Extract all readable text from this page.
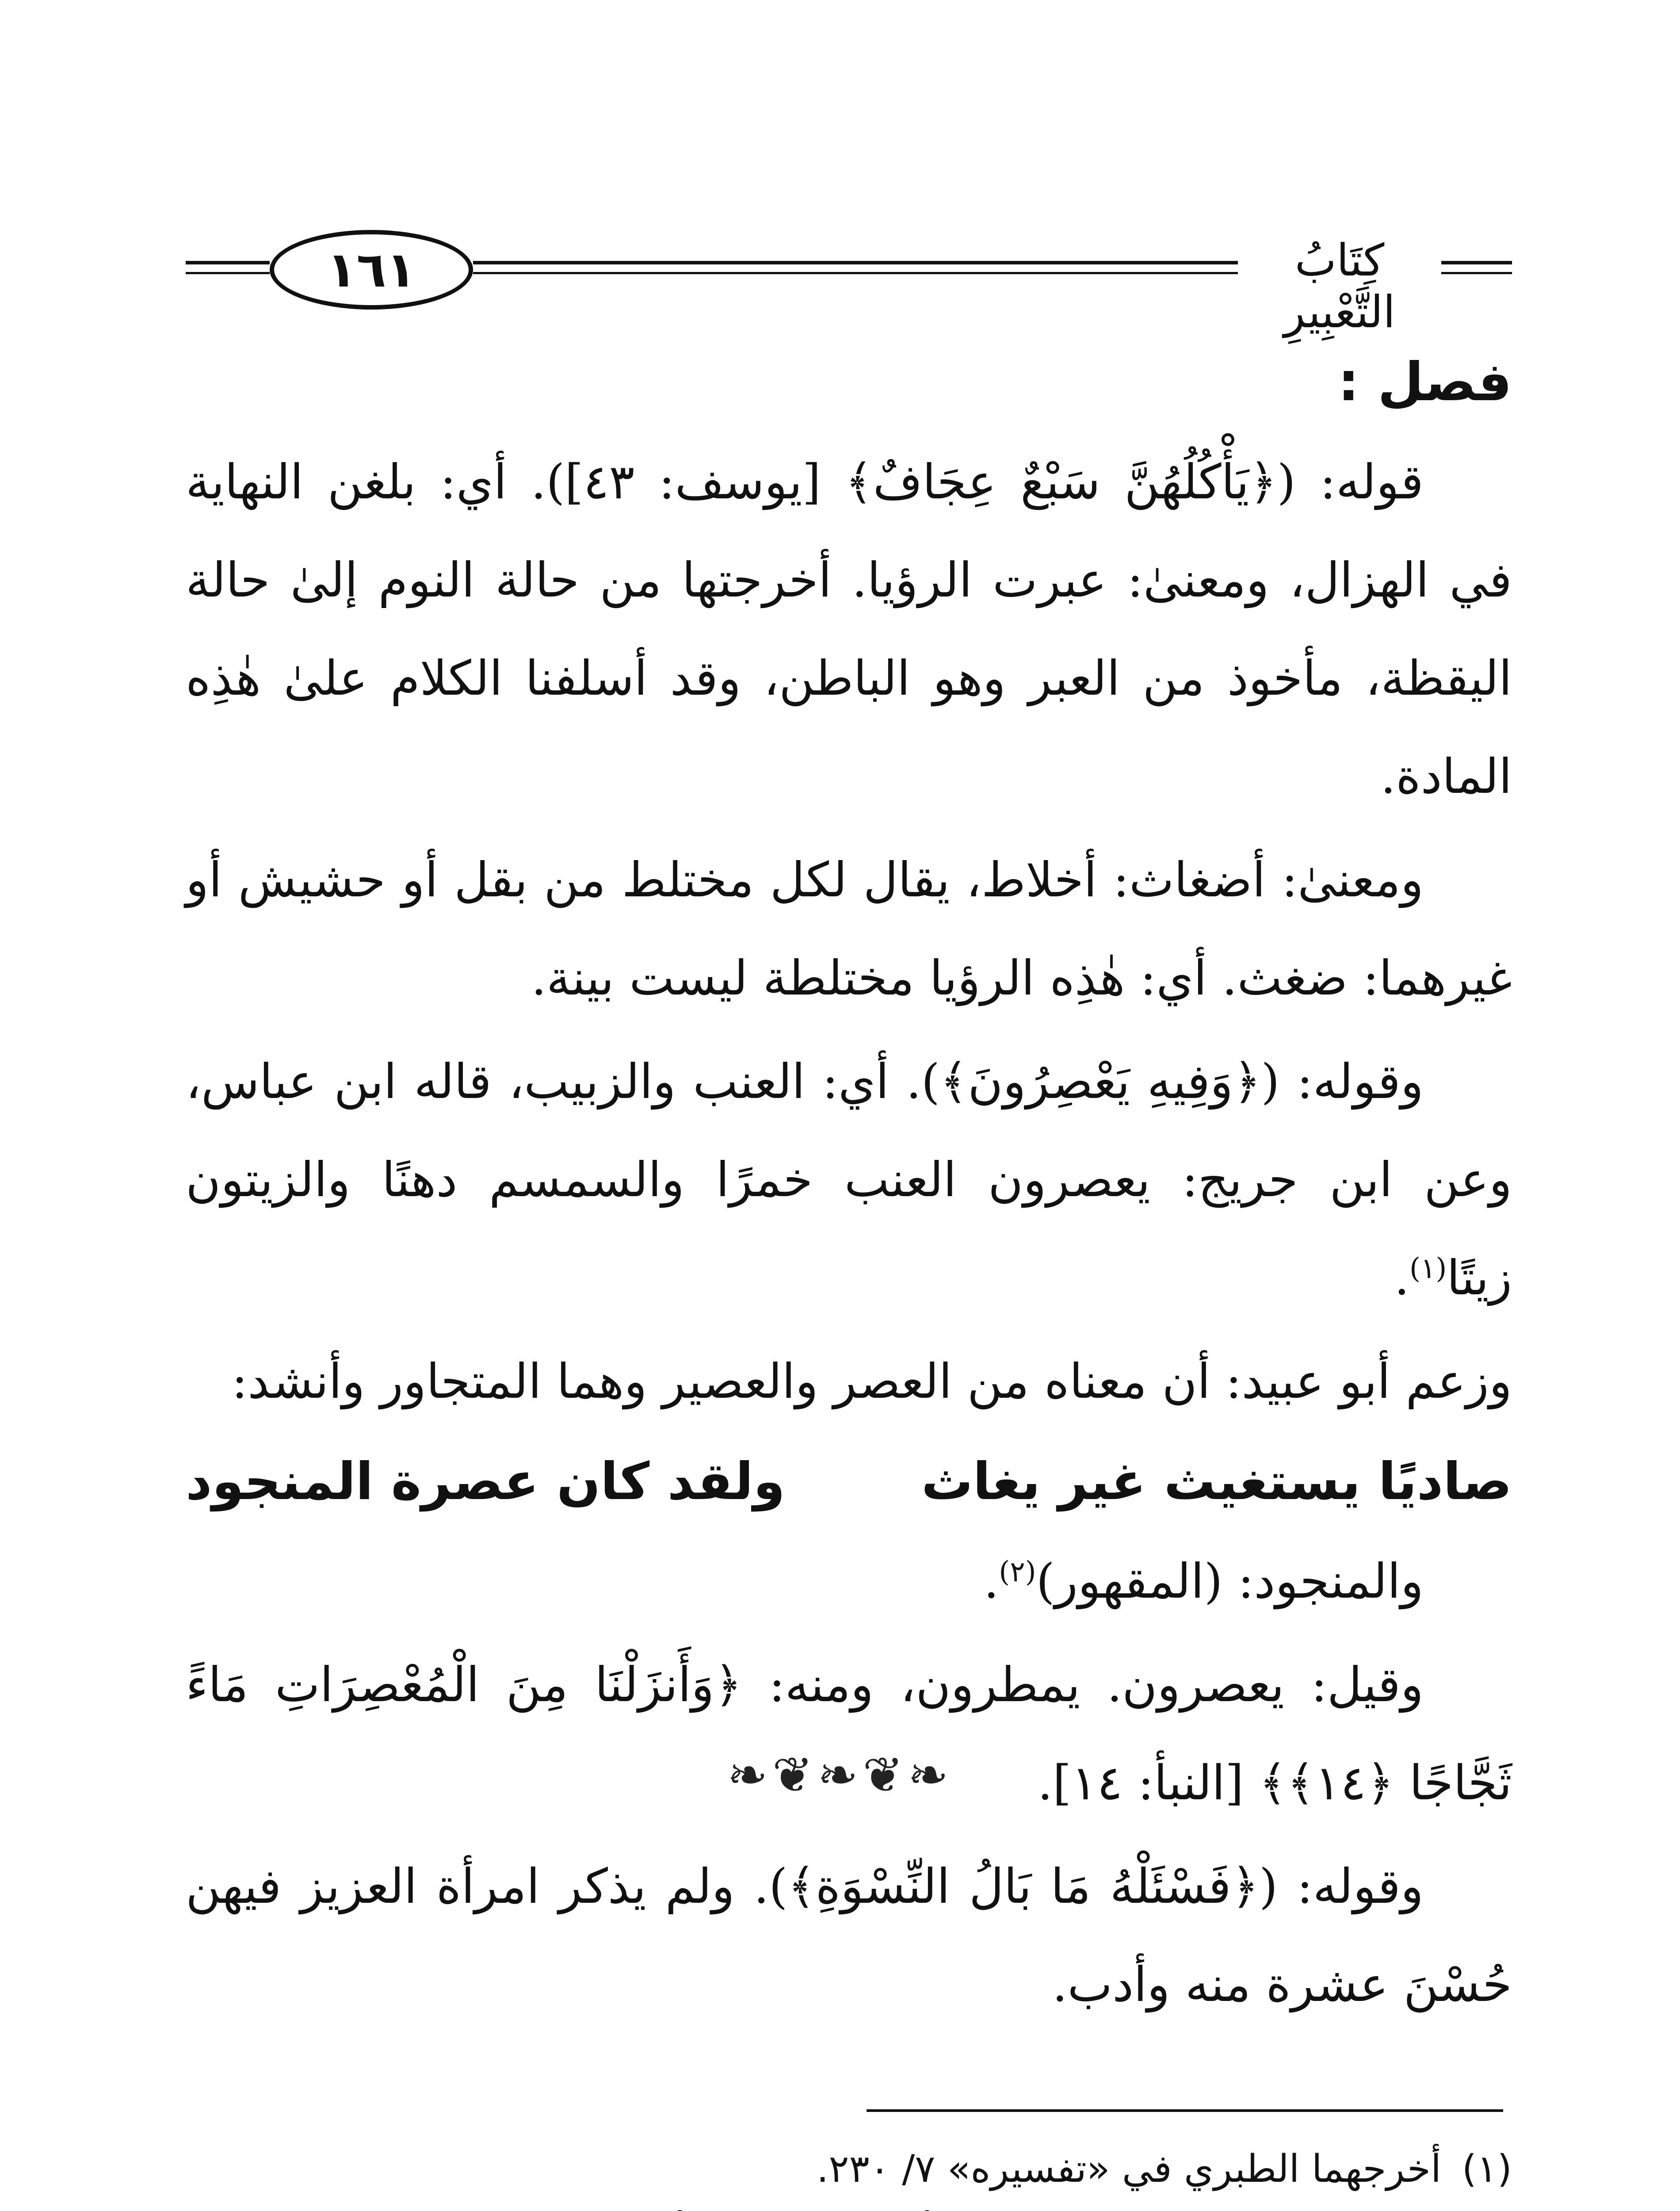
١٦١	كِتَابُ التَّعْبِيرِ
فصل :

قوله: (﴿يَأْكُلُهُنَّ سَبْعٌ عِجَافٌ﴾ [يوسف: ٤٣]). أي: بلغن النهاية في الهزال، ومعنىٰ: عبرت الرؤيا. أخرجتها من حالة النوم إلىٰ حالة اليقظة، مأخوذ من العبر وهو الباطن، وقد أسلفنا الكلام علىٰ هٰذِه المادة.

ومعنىٰ: أضغاث: أخلاط، يقال لكل مختلط من بقل أو حشيش أو غيرهما: ضغث. أي: هٰذِه الرؤيا مختلطة ليست بينة.

وقوله: (﴿وَفِيهِ يَعْصِرُونَ﴾). أي: العنب والزبيب، قاله ابن عباس، وعن ابن جريج: يعصرون العنب خمرًا والسمسم دهنًا والزيتون زيتًا$^{(١)}$.

وزعم أبو عبيد: أن معناه من العصر والعصير وهما المتجاور وأنشد:

صاديًا يستغيث غير يغاث
ولقد كان عصرة المنجود

والمنجود: (المقهور)$^{(٢)}$.

وقيل: يعصرون. يمطرون، ومنه: ﴿وَأَنزَلْنَا مِنَ الْمُعْصِرَاتِ مَاءً ثَجَّاجًا ﴿١٤﴾﴾ [النبأ: ١٤].

وقوله: (﴿فَسْئَلْهُ مَا بَالُ النِّسْوَةِ﴾). ولم يذكر امرأة العزيز فيهن حُسْنَ عشرة منه وأدب.

❧❦❧❦❧

(١)أخرجهما الطبري في «تفسيره» ٧/ ٢٣٠.
